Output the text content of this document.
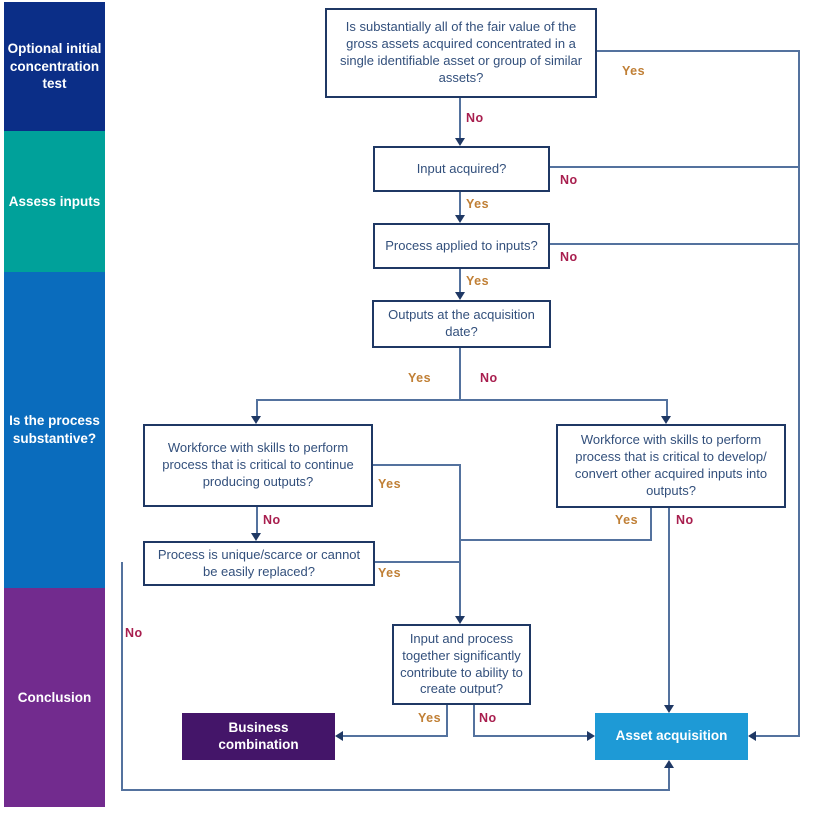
Optional initial concentration test
Assess inputs
Is the process substantive?
Conclusion
Is substantially all of the fair value of the gross assets acquired concentrated in a single identifiable asset or group of similar assets?
Input acquired?
Process applied to inputs?
Outputs at the acquisition date?
Workforce with skills to perform process that is critical to continue producing outputs?
Process is unique/scarce or cannot be easily replaced?
Workforce with skills to perform process that is critical to develop/ convert other acquired inputs into outputs?
Input and process together significantly contribute to ability to create output?
Business combination
Asset acquisition
Yes
No
No
Yes
No
Yes
Yes	No
Yes
No
Yes
No
Yes	No
Yes	No
